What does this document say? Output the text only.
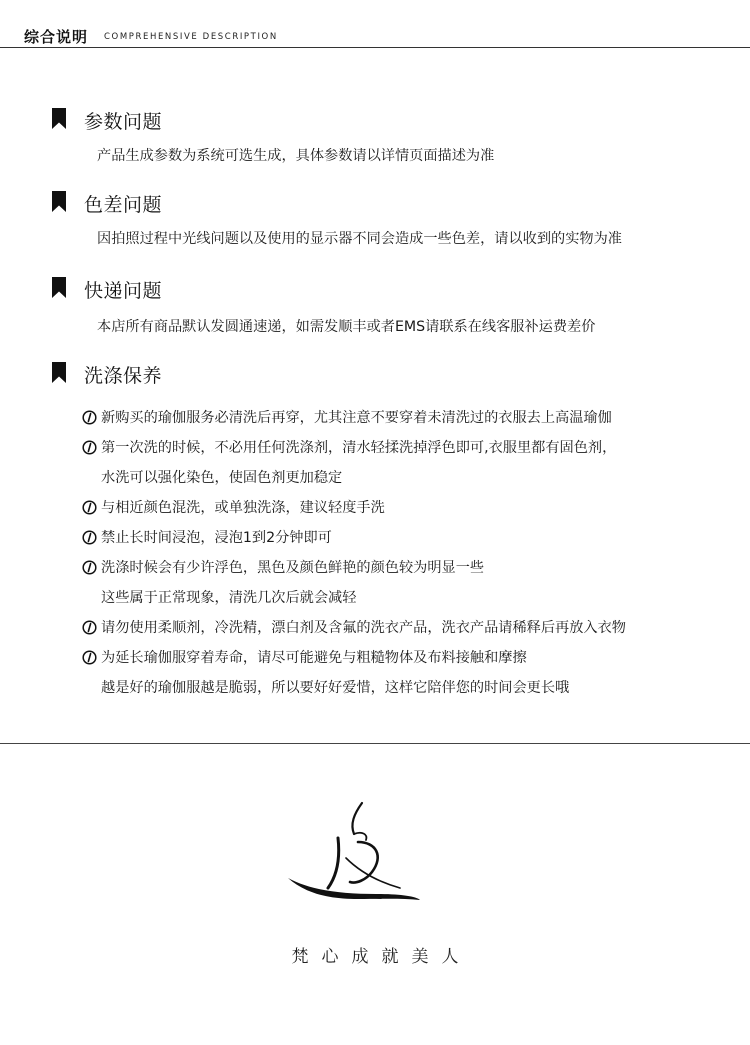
综合说明 COMPREHENSIVE DESCRIPTION
参数问题
产品生成参数为系统可选生成，具体参数请以详情页面描述为准
色差问题
因拍照过程中光线问题以及使用的显示器不同会造成一些色差，请以收到的实物为准
快递问题
本店所有商品默认发圆通速递，如需发顺丰或者EMS请联系在线客服补运费差价
洗涤保养
新购买的瑜伽服务必清洗后再穿，尤其注意不要穿着未清洗过的衣服去上高温瑜伽
第一次洗的时候，不必用任何洗涤剂，清水轻揉洗掉浮色即可,衣服里都有固色剂，
水洗可以强化染色，使固色剂更加稳定
与相近颜色混洗，或单独洗涤，建议轻度手洗
禁止长时间浸泡，浸泡1到2分钟即可
洗涤时候会有少许浮色，黑色及颜色鲜艳的颜色较为明显一些
这些属于正常现象，清洗几次后就会减轻
请勿使用柔顺剂，冷洗精，漂白剂及含氟的洗衣产品，洗衣产品请稀释后再放入衣物
为延长瑜伽服穿着寿命，请尽可能避免与粗糙物体及布料接触和摩擦
越是好的瑜伽服越是脆弱，所以要好好爱惜，这样它陪伴您的时间会更长哦
梵心成就美人
